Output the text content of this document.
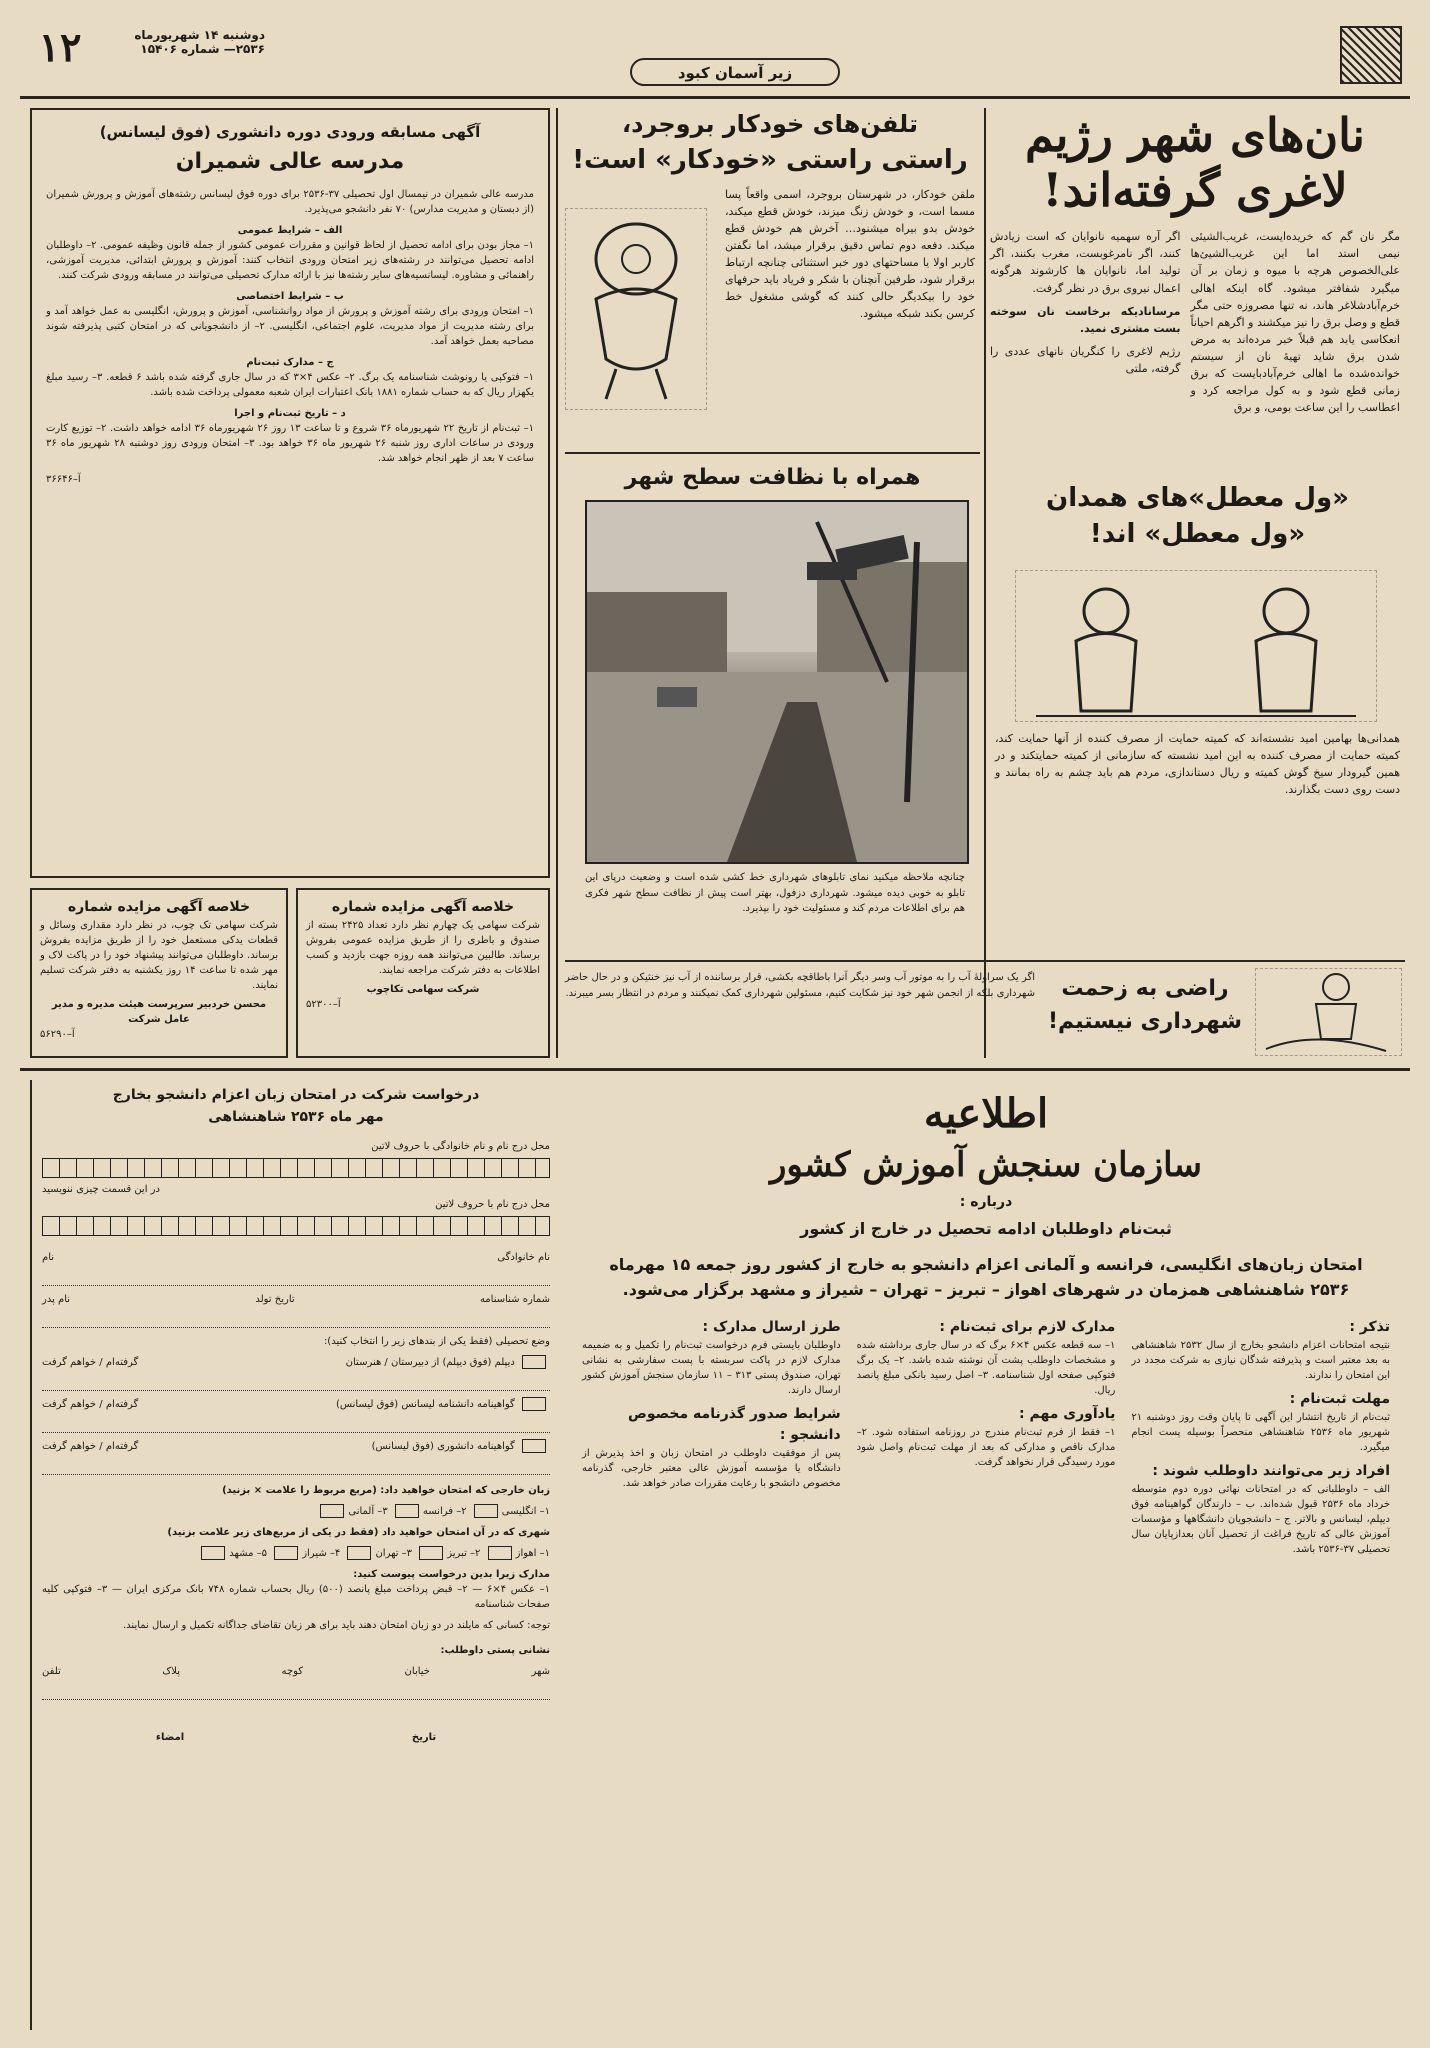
۱۲	دوشنبه ۱۴ شهریورماه
۲۵۳۶— شماره ۱۵۴۰۶
زیر آسمان کبود
نان‌های شهر رژیم
لاغری گرفته‌اند!
مگر نان گم که خریده‌ایست، غریب‌الشیئی نیمی استد اما این غریب‌الشیئ‌ها علی‌الخصوص هرچه با میوه و زمان بر آن میگیرد شفافتر میشود. گاه اینکه اهالی خرم‌آبادشلاغر هاند، نه تنها مصروزه حتی مگر قطع و وصل برق را نیز میکشند و اگرهم احیاناً انعکاسی یابد هم قبلاً خبر مرده‌اند به مرض شدن برق شاید تهیهٔ نان از سیستم خوانده‌شده ما اهالی خرم‌آبادبایست که برق زمانی قطع شود و به کول مراجعه کرد و اعطاسب را این ساعت بومی، و برق
اگر آره سهمیه نانوایان که است زیادش کنند، اگر نامرغوبست، مغرب بکنند، اگر تولید اما، نانوایان ها کارشوند هرگونه اعمال نیروی برق در نظر گرفت.
مرسانادیکه برخاست نان سوخته بست مشتری نمید.
رژیم لاغری را کنگریان نانهای عددی را گرفته، ملتی
تلفن‌های خودکار بروجرد،
راستی راستی «خودکار» است!
ملقن خودکار، در شهرستان بروجرد، اسمی واقعاً پسا مسما است، و خودش زنگ میزند، خودش قطع میکند، خودش بدو بیراه میشنود… آخرش هم خودش قطع میکند. دفعه دوم تماس دقیق برقرار میشد، اما نگفتن کاربر اولا یا مساحتهای دور خبر استثنائی چنانچه ارتباط برقرار شود، طرفین آنچنان با شکر و فریاد باید حرفهای خود را بیکدیگر حالی کنند که گوشی مشغول خط کرسن بکند شبکه میشود.
همراه با نظافت سطح شهر
چنانچه ملاحظه میکنید نمای تابلوهای شهرداری خط کشی شده است و وضعیت درپای این تابلو به خوبی دیده میشود. شهرداری دزفول، بهتر است پیش از نظافت سطح شهر فکری هم برای اطلاعات مردم کند و مسئولیت خود را بپذیرد.
«ول معطل»‌های همدان
«ول معطل» اند!
همدانی‌ها بهامین امید نشسته‌اند که کمیته حمایت از مصرف کننده از آنها حمایت کند، کمیته حمایت از مصرف کننده به این امید نشسته که سازمانی از کمیته حمایتکند و در همین گیرودار سیخ گوش کمیته و ریال دستاندازی، مردم هم باید چشم به راه بمانند و دست روی دست بگذارند.
اگر یک سراولهٔ آب را به موتور آب وسر دیگر آنرا باطاقچه بکشی، قرار برساننده از آب نیز خنثیکن و در حال حاضر شهرداری بلکه از انجمن شهر خود نیز شکایت کنیم، مسئولین شهرداری کمک نمیکنند و مردم در انتظار بسر میبرند.	راضی به زحمت
شهرداری نیستیم!
آگهی مسابقه ورودی دوره دانشوری (فوق لیسانس)
مدرسه عالی شمیران
مدرسه عالی شمیران در نیمسال اول تحصیلی ۳۷-۲۵۳۶ برای دوره فوق لیسانس رشته‌های آموزش و پرورش شمیران (از دبستان و مدیریت مدارس) ۷۰ نفر دانشجو می‌پذیرد.
الف – شرایط عمومی
۱– مجاز بودن برای ادامه تحصیل از لحاظ قوانین و مقررات عمومی کشور از جمله قانون وظیفه عمومی. ۲– داوطلبان ادامه تحصیل می‌توانند در رشته‌های زیر امتحان ورودی انتخاب کنند: آموزش و پرورش ابتدائی، مدیریت آموزشی، راهنمائی و مشاوره. لیسانسیه‌های سایر رشته‌ها نیز با ارائه مدارک تحصیلی می‌توانند در مسابقه ورودی شرکت کنند.
ب – شرایط اختصاصی
۱– امتحان ورودی برای رشته آموزش و پرورش از مواد روانشناسی، آموزش و پرورش، انگلیسی به عمل خواهد آمد و برای رشته مدیریت از مواد مدیریت، علوم اجتماعی، انگلیسی. ۲– از دانشجویانی که در امتحان کتبی پذیرفته شوند مصاحبه بعمل خواهد آمد.
ج – مدارک ثبت‌نام
۱– فتوکپی یا رونوشت شناسنامه یک برگ. ۲– عکس ۴×۳ که در سال جاری گرفته شده باشد ۶ قطعه. ۳– رسید مبلغ یکهزار ریال که به حساب شماره ۱۸۸۱ بانک اعتبارات ایران شعبه معمولی پرداخت شده باشد.
د – تاریخ ثبت‌نام و اجرا
۱– ثبت‌نام از تاریخ ۲۲ شهریورماه ۳۶ شروع و تا ساعت ۱۳ روز ۲۶ شهریورماه ۳۶ ادامه خواهد داشت. ۲– توزیع کارت ورودی در ساعات اداری روز شنبه ۲۶ شهریور ماه ۳۶ خواهد بود. ۳– امتحان ورودی روز دوشنبه ۲۸ شهریور ماه ۳۶ ساعت ۷ بعد از ظهر انجام خواهد شد.
آ–۳۶۶۴۶
خلاصه آگهی مزایده شماره
شرکت سهامی یک چهارم نظر دارد تعداد ۲۴۲۵ بسته از صندوق و باطری را از طریق مزایده عمومی بفروش برساند. طالبین می‌توانند همه روزه جهت بازدید و کسب اطلاعات به دفتر شرکت مراجعه نمایند.
شرکت سهامی تکاچوب
آ–۵۲۳۰۰
خلاصه آگهی مزایده شماره
شرکت سهامی تک چوب، در نظر دارد مقداری وسائل و قطعات یدکی مستعمل خود را از طریق مزایده بفروش برساند. داوطلبان می‌توانند پیشنهاد خود را در پاکت لاک و مهر شده تا ساعت ۱۴ روز یکشنبه به دفتر شرکت تسلیم نمایند.
محسن خردبیر سرپرست هیئت مدیره و مدیر عامل شرکت
آ–۵۶۲۹۰
درخواست شرکت در امتحان زبان اعزام دانشجو بخارج
مهر ماه ۲۵۳۶ شاهنشاهی
محل درج نام و نام خانوادگی با حروف لاتین
در این قسمت چیزی ننویسید
محل درج نام با حروف لاتین
نام خانوادگی
نام
شماره شناسنامه
تاریخ تولد
نام پدر
وضع تحصیلی (فقط یکی از بندهای زیر را انتخاب کنید):
دیپلم (فوق دیپلم) از دبیرستان / هنرستان
گرفته‌ام / خواهم گرفت
گواهینامه دانشنامه لیسانس (فوق لیسانس)
گرفته‌ام / خواهم گرفت
گواهینامه دانشوری (فوق لیسانس)
گرفته‌ام / خواهم گرفت
زبان خارجی که امتحان خواهید داد: (مربع مربوط را علامت × بزنید)
۱– انگلیسی ۲– فرانسه ۳– آلمانی
شهری که در آن امتحان خواهید داد (فقط در یکی از مربع‌های زیر علامت بزنید)
۱– اهواز ۲– تبریز ۳– تهران ۴– شیراز ۵– مشهد
مدارک زیرا بدین درخواست پیوست کنید:
۱– عکس ۴×۶ — ۲– قبض پرداخت مبلغ پانصد (۵۰۰) ریال بحساب شماره ۷۴۸ بانک مرکزی ایران — ۳– فتوکپی کلیه صفحات شناسنامه
توجه: کسانی که مایلند در دو زبان امتحان دهند باید برای هر زبان تقاضای جداگانه تکمیل و ارسال نمایند.
نشانی پستی داوطلب:
شهر
خیابان
کوچه
پلاک
تلفن
تاریخ
امضاء
اطلاعیه
سازمان سنجش آموزش کشور
درباره :
ثبت‌نام داوطلبان ادامه تحصیل در خارج از کشور
امتحان زبان‌های انگلیسی، فرانسه و آلمانی اعزام دانشجو به خارج از کشور روز جمعه ۱۵ مهرماه ۲۵۳۶ شاهنشاهی همزمان در شهرهای اهواز – تبریز – تهران – شیراز و مشهد برگزار می‌شود.
تذکر :
نتیجه امتحانات اعزام دانشجو بخارج از سال ۲۵۳۲ شاهنشاهی به بعد معتبر است و پذیرفته شدگان نیازی به شرکت مجدد در این امتحان را ندارند.
مهلت ثبت‌نام :
ثبت‌نام از تاریخ انتشار این آگهی تا پایان وقت روز دوشنبه ۲۱ شهریور ماه ۲۵۳۶ شاهنشاهی منحصراً بوسیله پست انجام میگیرد.
افراد زیر می‌توانند داوطلب شوند :
الف – داوطلبانی که در امتحانات نهائی دوره دوم متوسطه خرداد ماه ۲۵۳۶ قبول شده‌اند. ب – دارندگان گواهینامه فوق دیپلم، لیسانس و بالاتر. ج – دانشجویان دانشگاهها و مؤسسات آموزش عالی که تاریخ فراغت از تحصیل آنان بعدازپایان سال تحصیلی ۳۷-۲۵۳۶ باشد.
مدارک لازم برای ثبت‌نام :
۱– سه قطعه عکس ۴×۶ برگ که در سال جاری برداشته شده و مشخصات داوطلب پشت آن نوشته شده باشد. ۲– یک برگ فتوکپی صفحه اول شناسنامه. ۳– اصل رسید بانکی مبلغ پانصد ریال.
یادآوری مهم :
۱– فقط از فرم ثبت‌نام مندرج در روزنامه استفاده شود. ۲– مدارک ناقص و مدارکی که بعد از مهلت ثبت‌نام واصل شود مورد رسیدگی قرار نخواهد گرفت.
طرز ارسال مدارک :
داوطلبان بایستی فرم درخواست ثبت‌نام را تکمیل و به ضمیمه مدارک لازم در پاکت سربسته با پست سفارشی به نشانی تهران، صندوق پستی ۳۱۳ – ۱۱ سازمان سنجش آموزش کشور ارسال دارند.
شرایط صدور گذرنامه مخصوص دانشجو :
پس از موفقیت داوطلب در امتحان زبان و اخذ پذیرش از دانشگاه یا مؤسسه آموزش عالی معتبر خارجی، گذرنامه مخصوص دانشجو با رعایت مقررات صادر خواهد شد.
